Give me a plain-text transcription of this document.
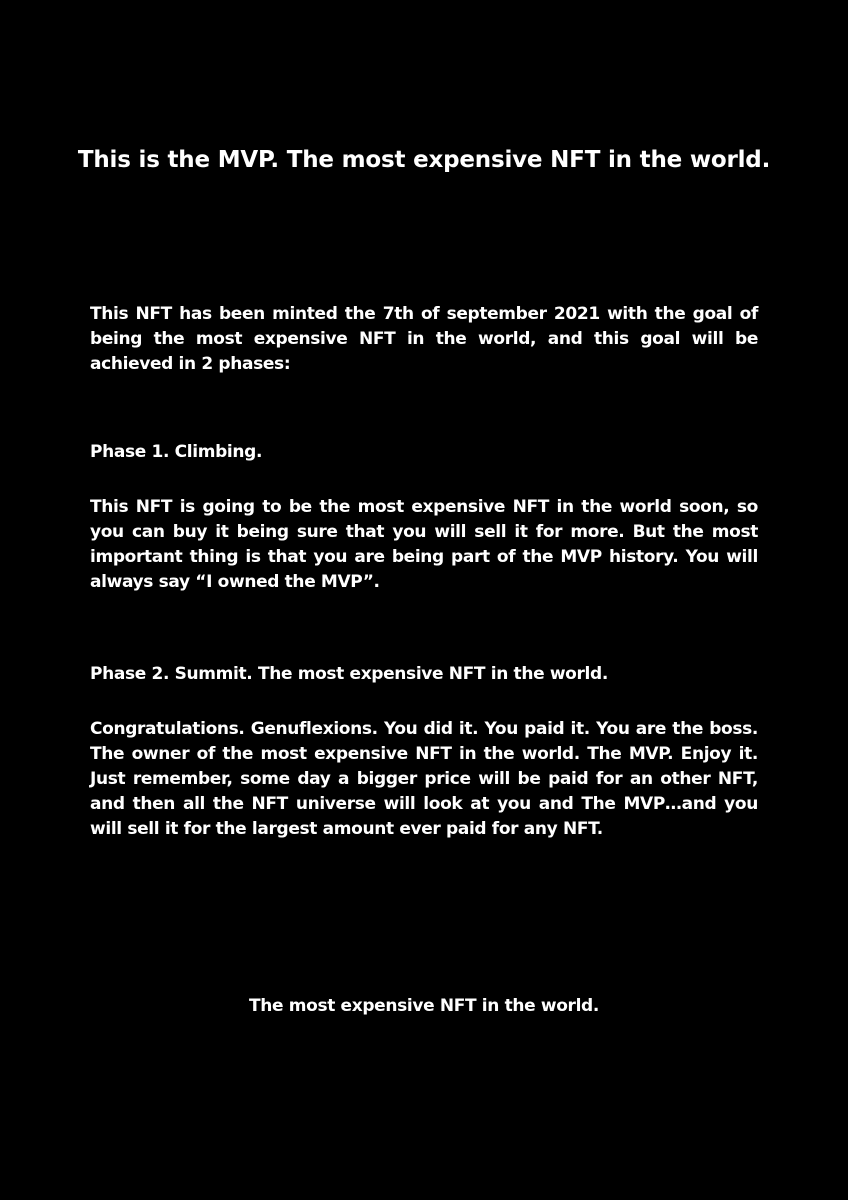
This is the MVP. The most expensive NFT in the world.

This NFT has been minted the 7th of september 2021 with the goal of being the most expensive NFT in the world, and this goal will be achieved in 2 phases:

Phase 1. Climbing.

This NFT is going to be the most expensive NFT in the world soon, so you can buy it being sure that you will sell it for more. But the most important thing is that you are being part of the MVP history. You will always say “I owned the MVP”.

Phase 2. Summit. The most expensive NFT in the world.

Congratulations. Genuflexions. You did it. You paid it. You are the boss. The owner of the most expensive NFT in the world. The MVP. Enjoy it. Just remember, some day a bigger price will be paid for an other NFT, and then all the NFT universe will look at you and The MVP…and you will sell it for the largest amount ever paid for any NFT.

The most expensive NFT in the world.
